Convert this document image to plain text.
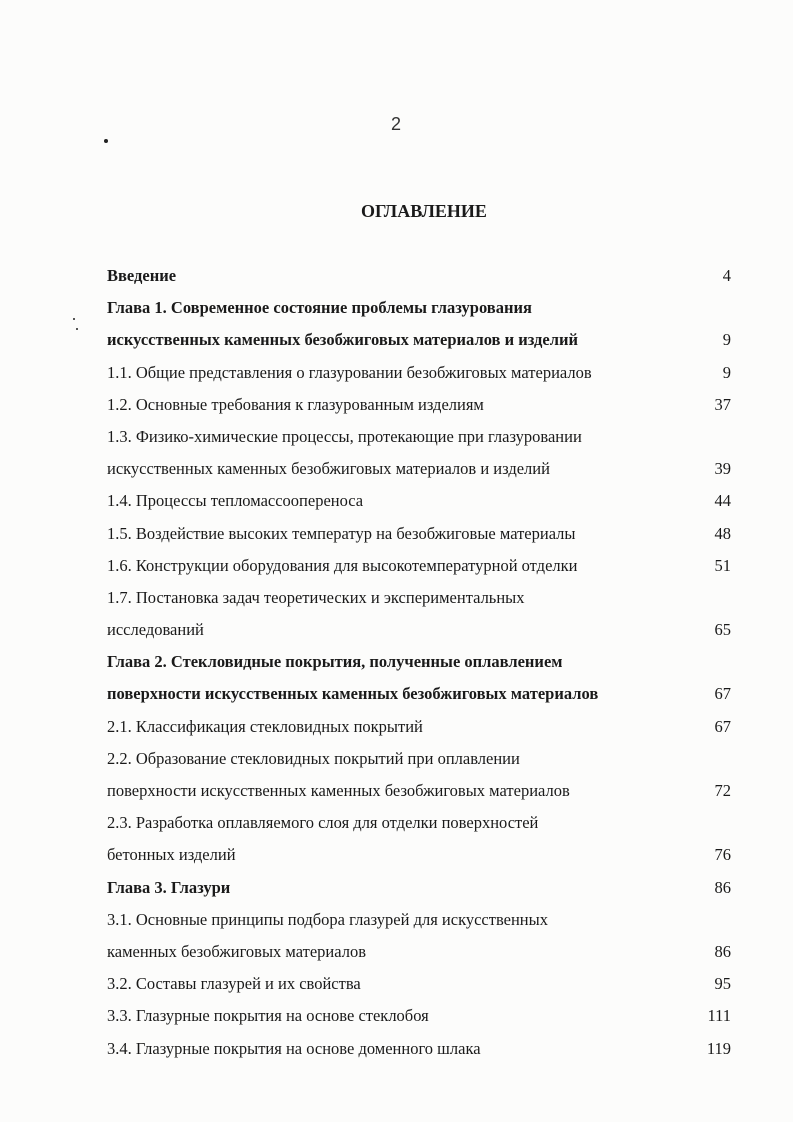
2
ОГЛАВЛЕНИЕ
Введение	4
Глава 1. Современное состояние проблемы глазурования
искусственных каменных безобжиговых материалов и изделий	9
1.1. Общие представления о глазуровании безобжиговых материалов	9
1.2. Основные требования к глазурованным изделиям	37
1.3. Физико-химические процессы, протекающие при глазуровании
искусственных каменных безобжиговых материалов и изделий	39
1.4. Процессы тепломассоопереноса	44
1.5. Воздействие высоких температур на безобжиговые материалы	48
1.6. Конструкции оборудования для высокотемпературной отделки	51
1.7. Постановка задач теоретических и экспериментальных
исследований	65
Глава 2. Стекловидные покрытия, полученные оплавлением
поверхности искусственных каменных безобжиговых материалов	67
2.1. Классификация стекловидных покрытий	67
2.2. Образование стекловидных покрытий при оплавлении
поверхности искусственных каменных безобжиговых материалов	72
2.3. Разработка оплавляемого слоя для отделки поверхностей
бетонных изделий	76
Глава 3. Глазури	86
3.1. Основные принципы подбора глазурей для искусственных
каменных безобжиговых материалов	86
3.2. Составы глазурей и их свойства	95
3.3. Глазурные покрытия на основе стеклобоя	111
3.4. Глазурные покрытия на основе доменного шлака	119
